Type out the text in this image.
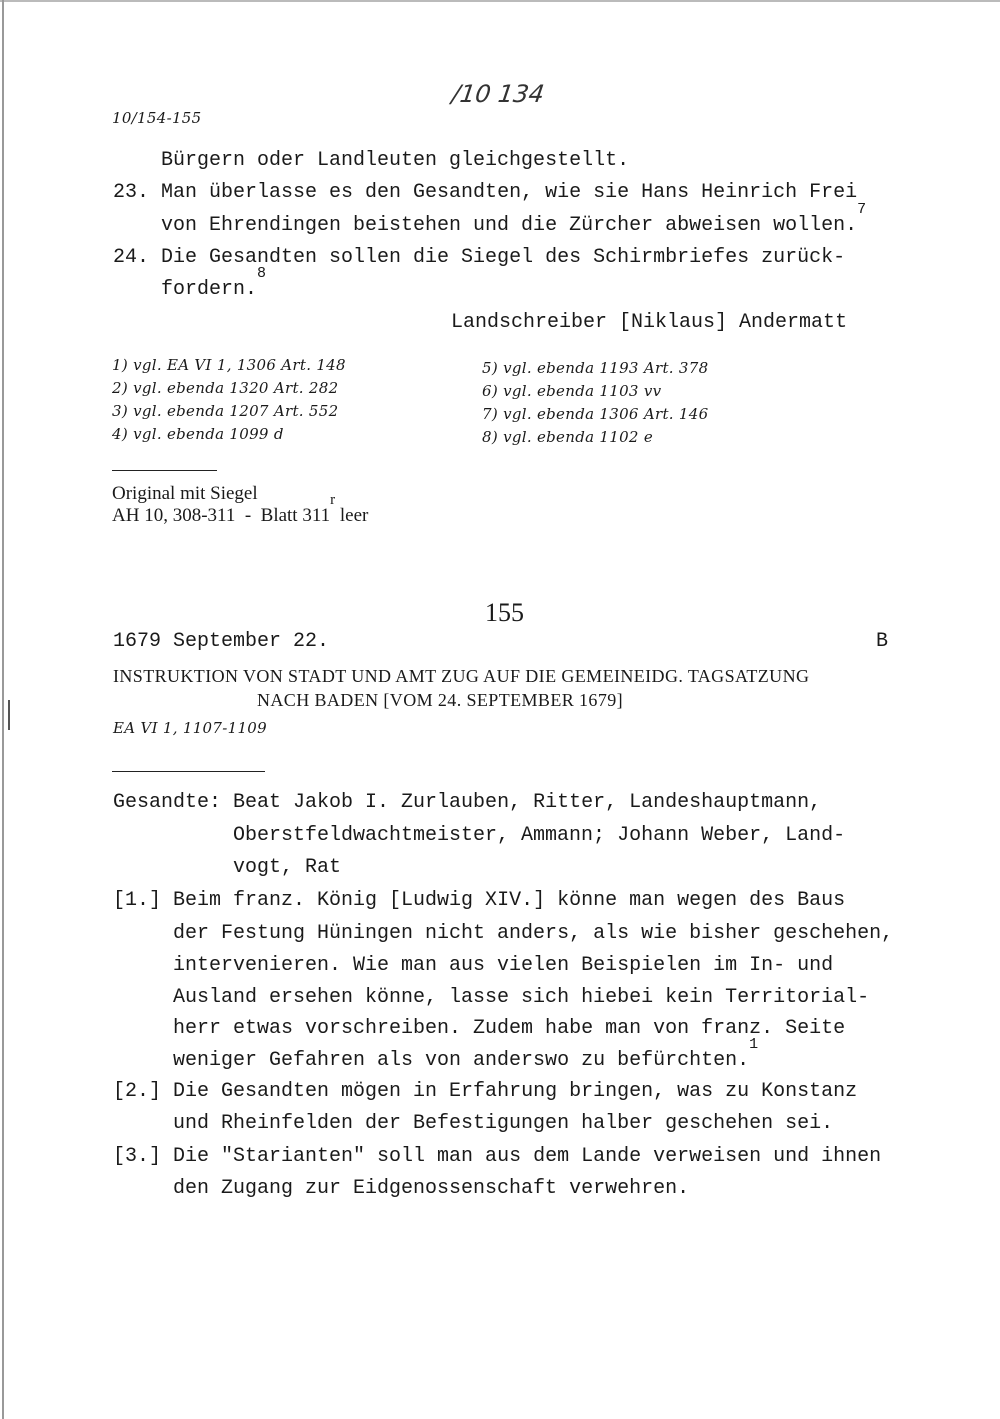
10/154-155
/10 134
Bürgern oder Landleuten gleichgestellt.
23. Man überlasse es den Gesandten, wie sie Hans Heinrich Frei
von Ehrendingen beistehen und die Zürcher abweisen wollen.$^7$
24. Die Gesandten sollen die Siegel des Schirmbriefes zurück-
fordern.$^8$
Landschreiber [Niklaus] Andermatt
1) vgl. EA VI 1, 1306 Art. 148
2) vgl. ebenda 1320 Art. 282
3) vgl. ebenda 1207 Art. 552
4) vgl. ebenda 1099 d
5) vgl. ebenda 1193 Art. 378
6) vgl. ebenda 1103 vv
7) vgl. ebenda 1306 Art. 146
8) vgl. ebenda 1102 e
Original mit Siegel
AH 10, 308-311  -  Blatt 311$^r$ leer
155
1679 September 22.	B
INSTRUKTION VON STADT UND AMT ZUG AUF DIE GEMEINEIDG. TAGSATZUNG
NACH BADEN [VOM 24. SEPTEMBER 1679]
EA VI 1, 1107-1109
Gesandte: Beat Jakob I. Zurlauben, Ritter, Landeshauptmann,
Oberstfeldwachtmeister, Ammann; Johann Weber, Land-
vogt, Rat
[1.] Beim franz. König [Ludwig XIV.] könne man wegen des Baus
der Festung Hüningen nicht anders, als wie bisher geschehen,
intervenieren. Wie man aus vielen Beispielen im In- und
Ausland ersehen könne, lasse sich hiebei kein Territorial-
herr etwas vorschreiben. Zudem habe man von franz. Seite
weniger Gefahren als von anderswo zu befürchten.$^1$
[2.] Die Gesandten mögen in Erfahrung bringen, was zu Konstanz
und Rheinfelden der Befestigungen halber geschehen sei.
[3.] Die "Starianten" soll man aus dem Lande verweisen und ihnen
den Zugang zur Eidgenossenschaft verwehren.
